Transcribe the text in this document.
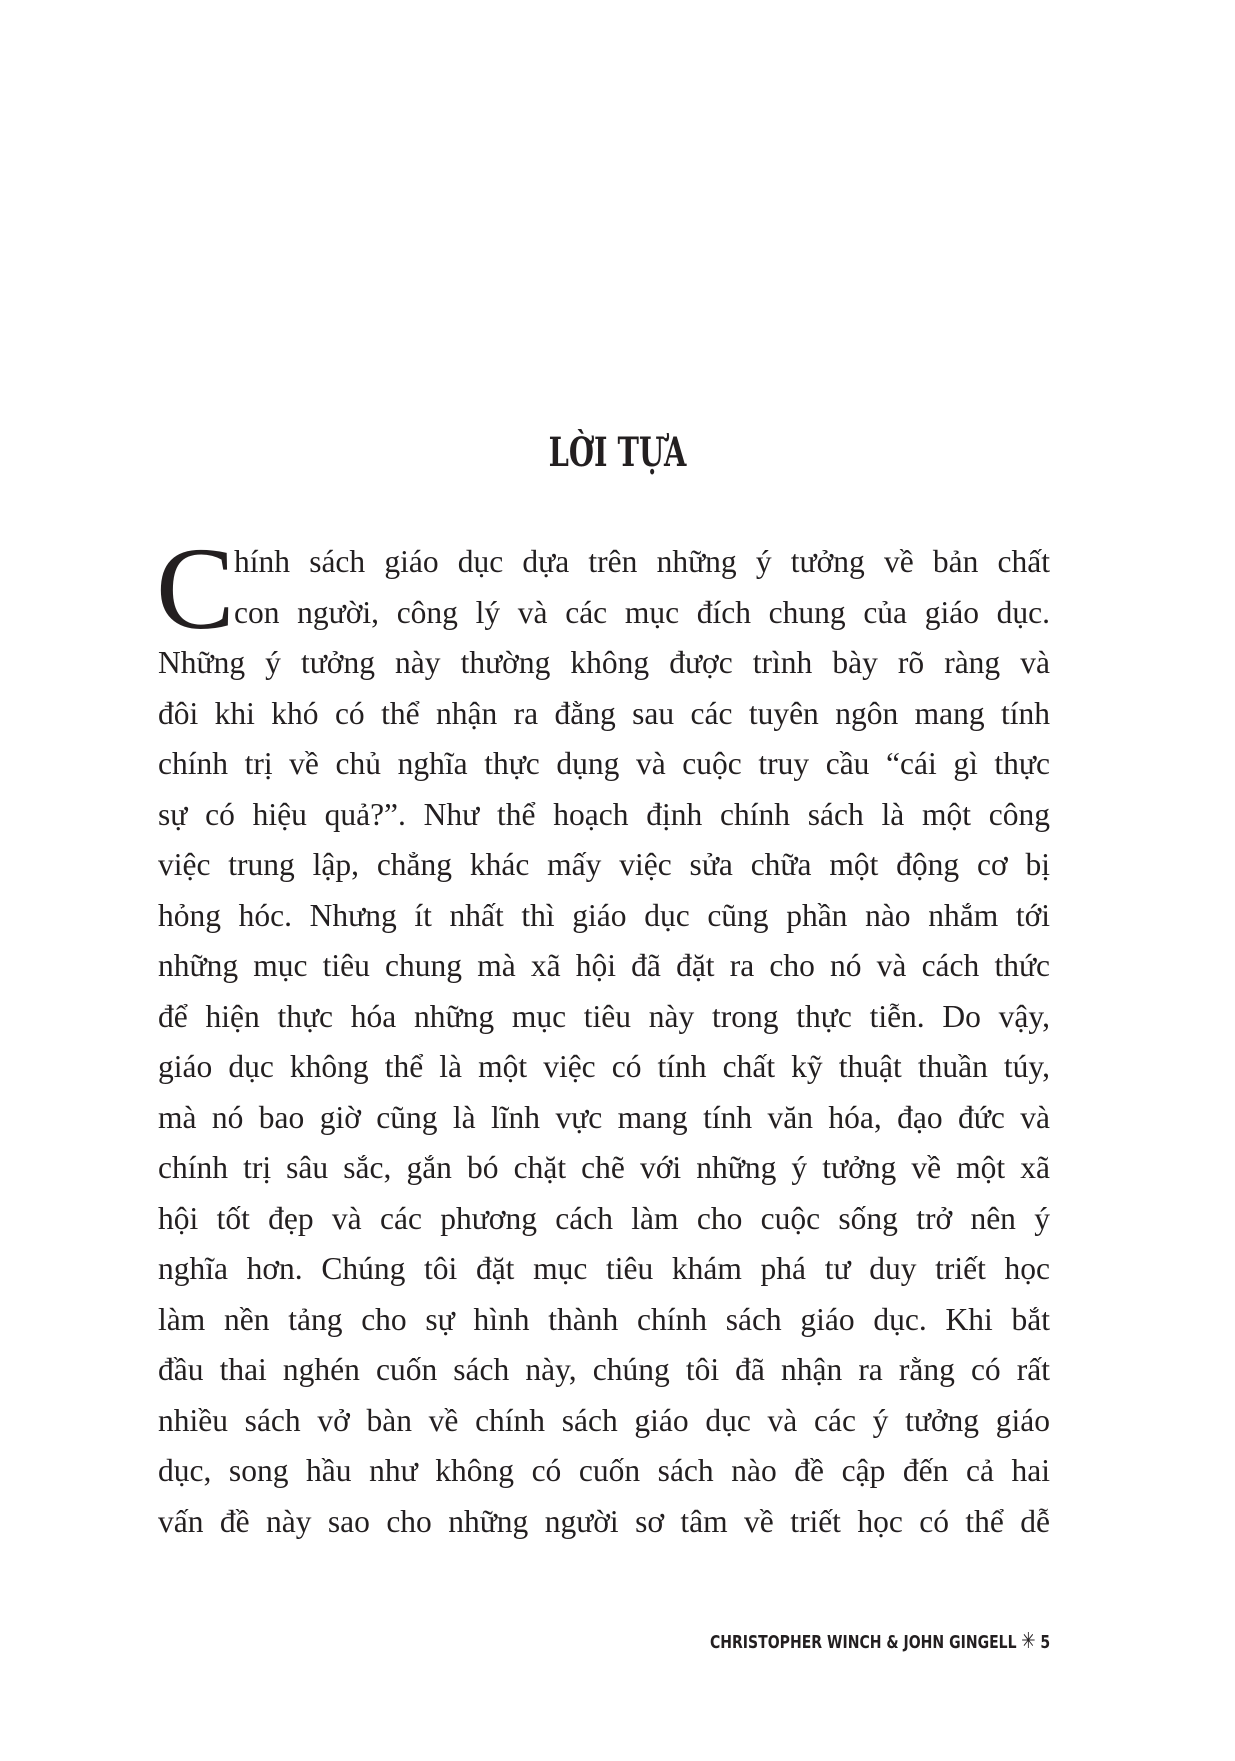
LỜI TỰA
C hính sách giáo dục dựa trên những ý tưởng về bản chất
con người, công lý và các mục đích chung của giáo dục.
Những ý tưởng này thường không được trình bày rõ ràng và
đôi khi khó có thể nhận ra đằng sau các tuyên ngôn mang tính
chính trị về chủ nghĩa thực dụng và cuộc truy cầu “cái gì thực
sự có hiệu quả?”. Như thể hoạch định chính sách là một công
việc trung lập, chẳng khác mấy việc sửa chữa một động cơ bị
hỏng hóc. Nhưng ít nhất thì giáo dục cũng phần nào nhắm tới
những mục tiêu chung mà xã hội đã đặt ra cho nó và cách thức
để hiện thực hóa những mục tiêu này trong thực tiễn. Do vậy,
giáo dục không thể là một việc có tính chất kỹ thuật thuần túy,
mà nó bao giờ cũng là lĩnh vực mang tính văn hóa, đạo đức và
chính trị sâu sắc, gắn bó chặt chẽ với những ý tưởng về một xã
hội tốt đẹp và các phương cách làm cho cuộc sống trở nên ý
nghĩa hơn. Chúng tôi đặt mục tiêu khám phá tư duy triết học
làm nền tảng cho sự hình thành chính sách giáo dục. Khi bắt
đầu thai nghén cuốn sách này, chúng tôi đã nhận ra rằng có rất
nhiều sách vở bàn về chính sách giáo dục và các ý tưởng giáo
dục, song hầu như không có cuốn sách nào đề cập đến cả hai
vấn đề này sao cho những người sơ tâm về triết học có thể dễ
CHRISTOPHER WINCH & JOHN GINGELL ✳ 5
